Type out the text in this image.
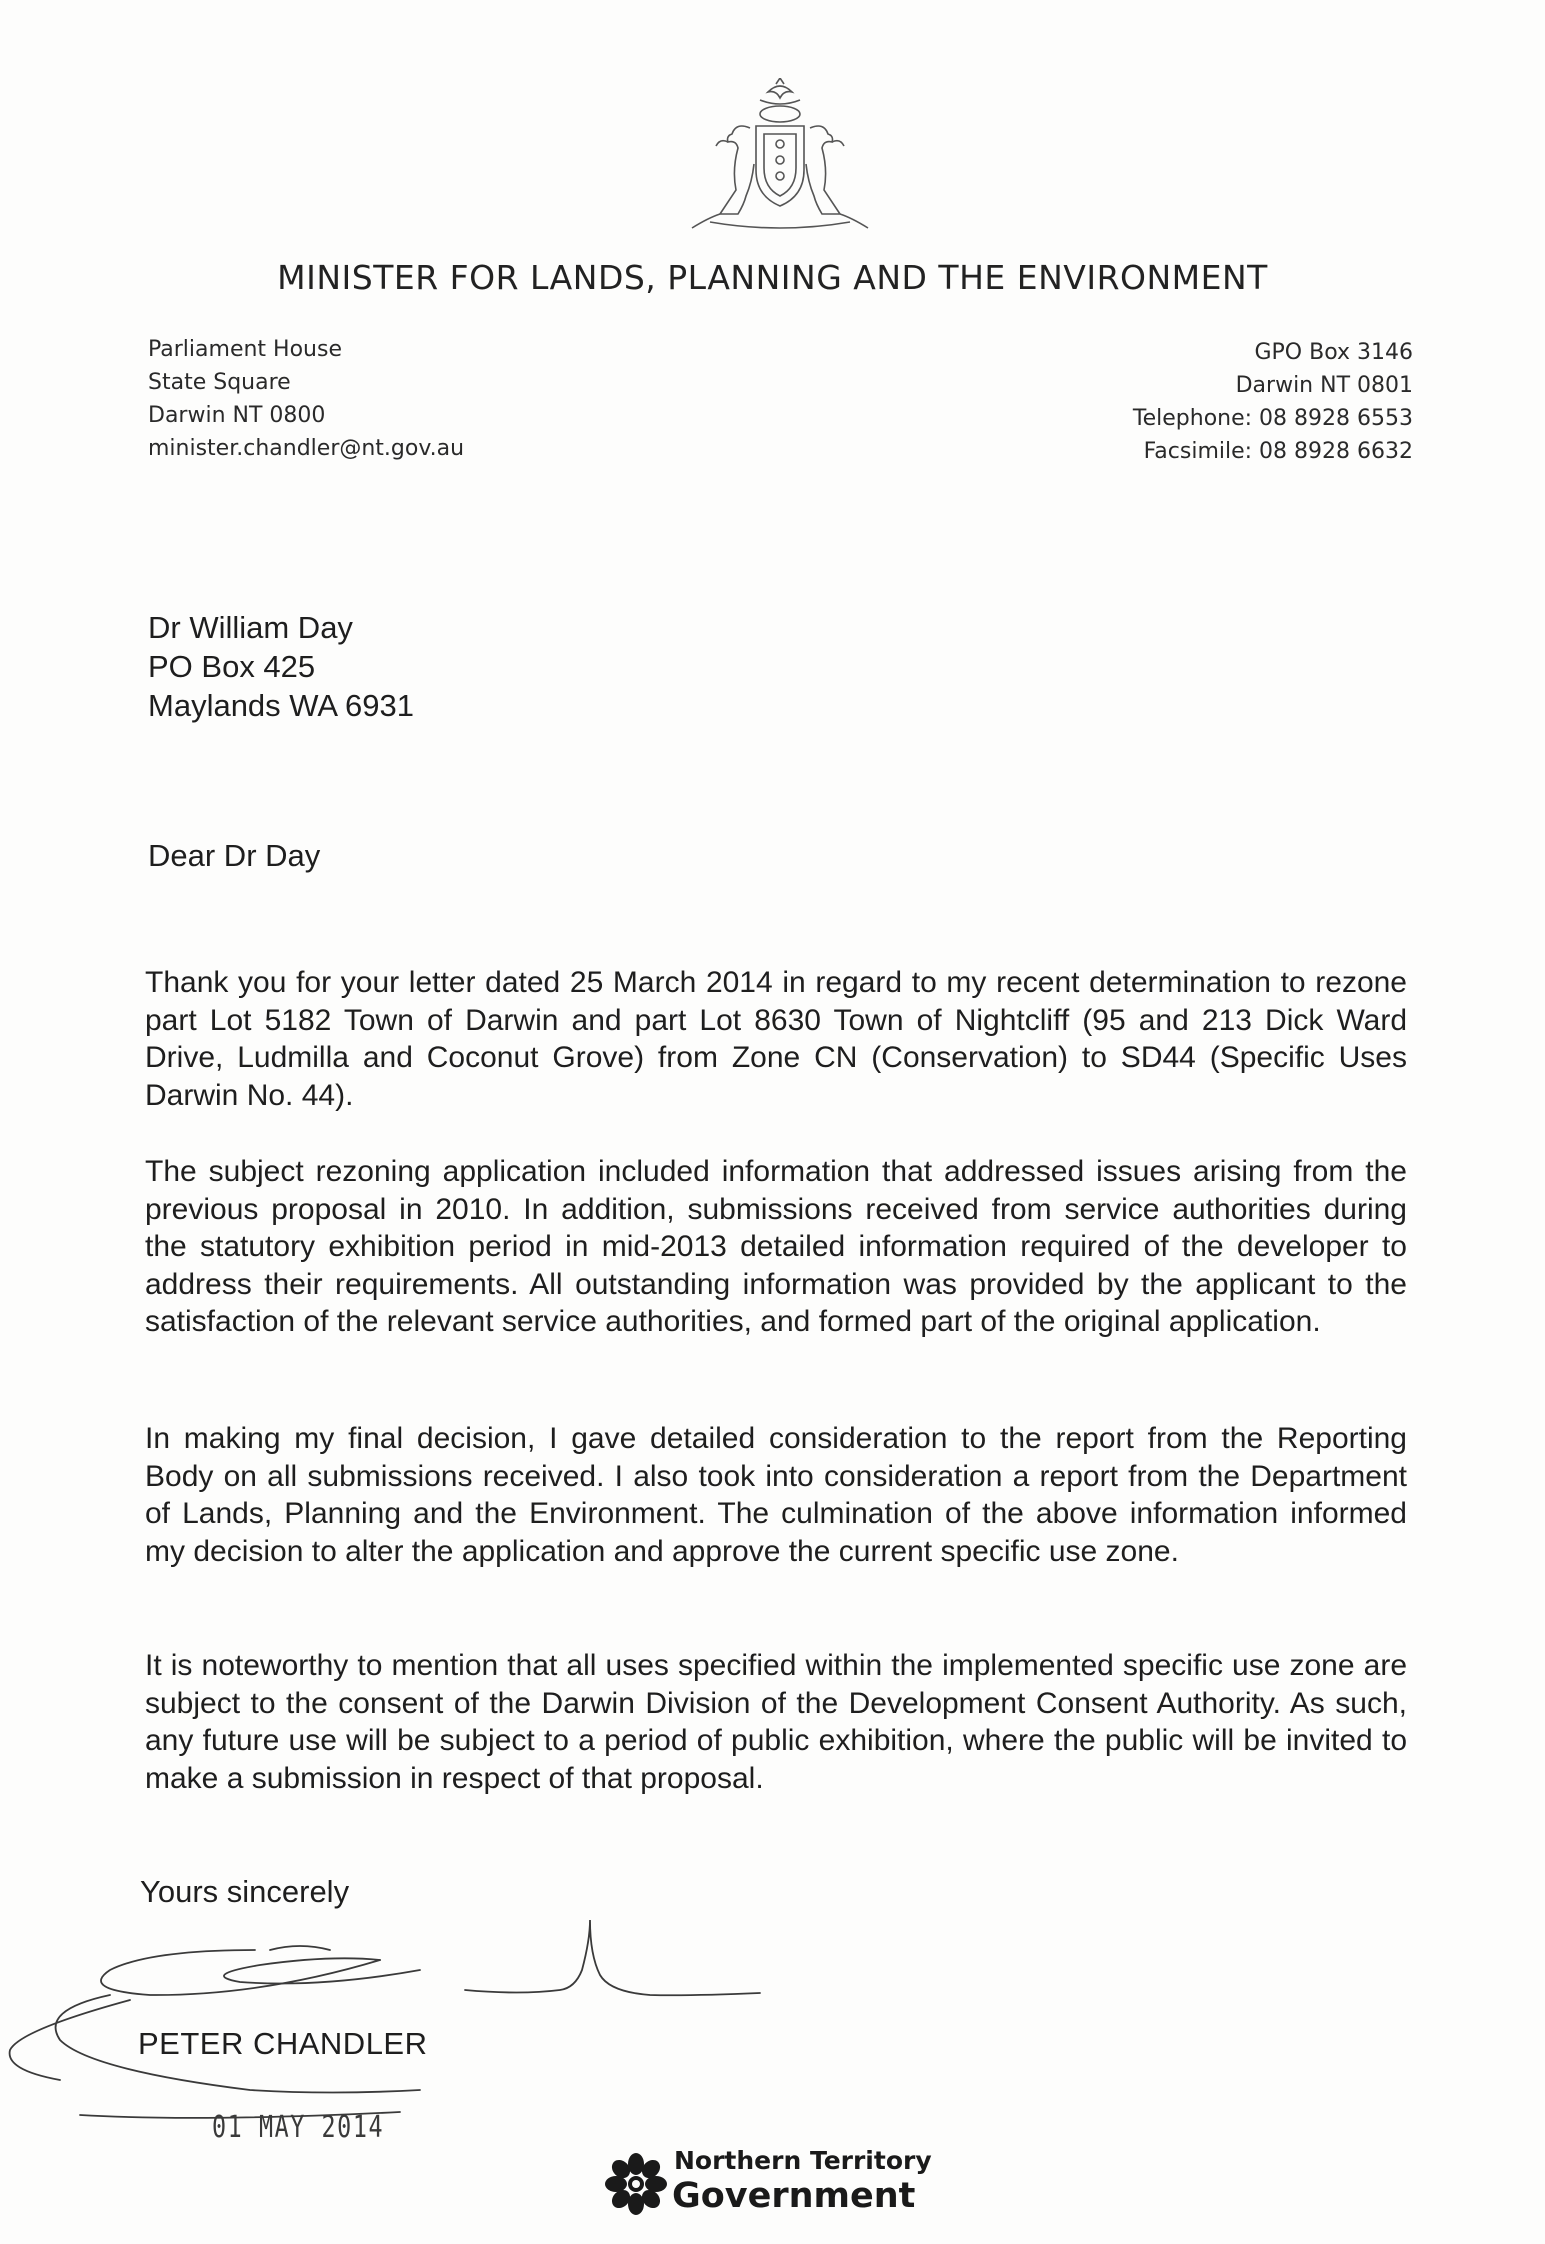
MINISTER FOR LANDS, PLANNING AND THE ENVIRONMENT
Parliament House
State Square
Darwin NT 0800
minister.chandler@nt.gov.au
GPO Box 3146
Darwin NT 0801
Telephone: 08 8928 6553
Facsimile: 08 8928 6632
Dr William Day
PO Box 425
Maylands WA 6931
Dear Dr Day

Thank you for your letter dated 25 March 2014 in regard to my recent determination to rezone part Lot 5182 Town of Darwin and part Lot 8630 Town of Nightcliff (95 and 213 Dick Ward Drive, Ludmilla and Coconut Grove) from Zone CN (Conservation) to SD44 (Specific Uses Darwin No. 44).

The subject rezoning application included information that addressed issues arising from the previous proposal in 2010. In addition, submissions received from service authorities during the statutory exhibition period in mid-2013 detailed information required of the developer to address their requirements. All outstanding information was provided by the applicant to the satisfaction of the relevant service authorities, and formed part of the original application.

In making my final decision, I gave detailed consideration to the report from the Reporting Body on all submissions received. I also took into consideration a report from the Department of Lands, Planning and the Environment. The culmination of the above information informed my decision to alter the application and approve the current specific use zone.

It is noteworthy to mention that all uses specified within the implemented specific use zone are subject to the consent of the Darwin Division of the Development Consent Authority. As such, any future use will be subject to a period of public exhibition, where the public will be invited to make a submission in respect of that proposal.

Yours sincerely
PETER CHANDLER
01 MAY 2014
Northern Territory
Government
